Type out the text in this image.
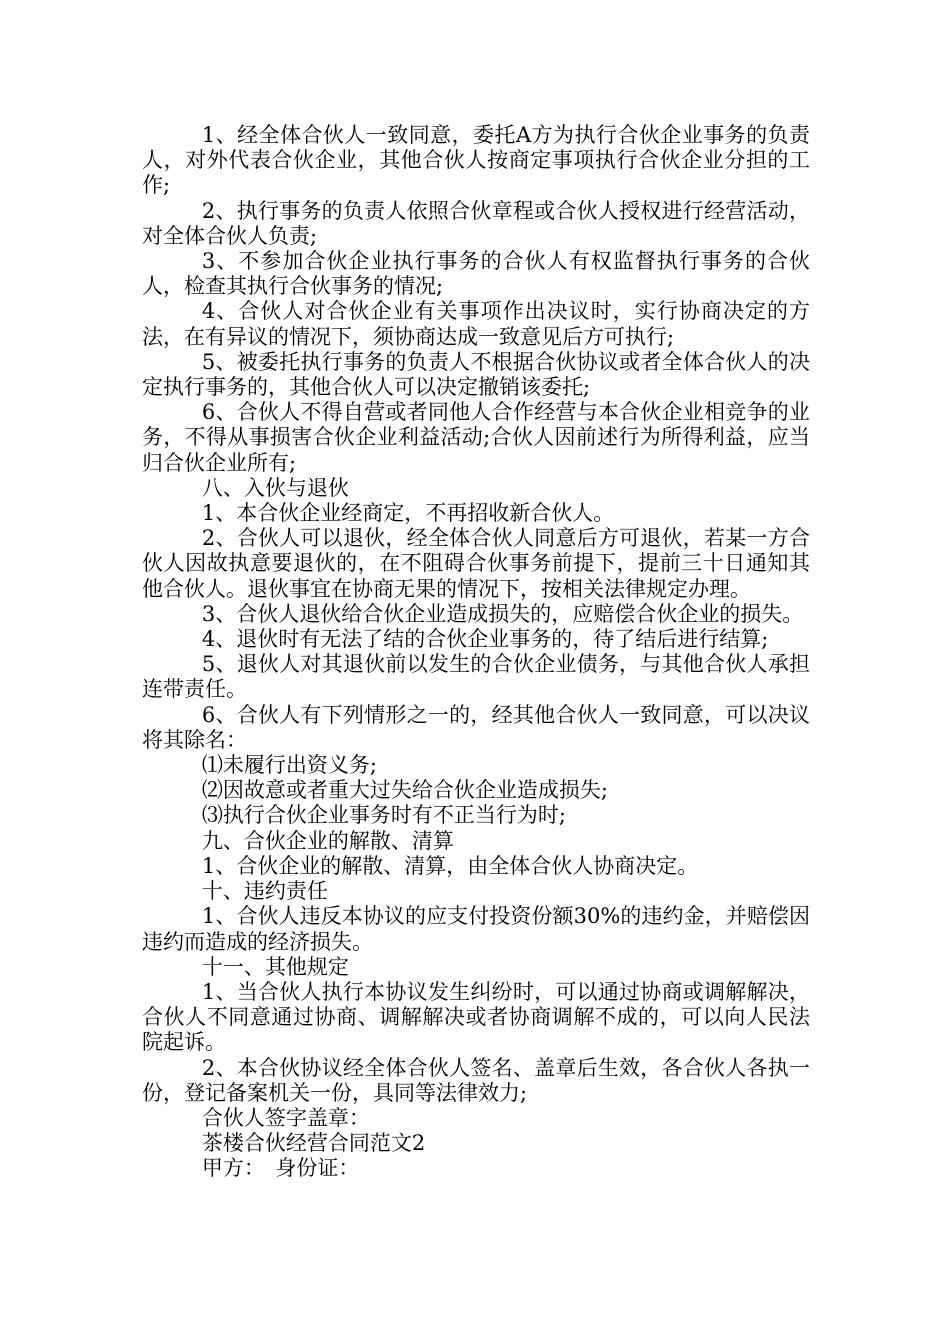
1、经全体合伙人一致同意，委托A方为执行合伙企业事务的负责人，对外代表合伙企业，其他合伙人按商定事项执行合伙企业分担的工作;

2、执行事务的负责人依照合伙章程或合伙人授权进行经营活动，对全体合伙人负责;

3、不参加合伙企业执行事务的合伙人有权监督执行事务的合伙人，检查其执行合伙事务的情况;

4、合伙人对合伙企业有关事项作出决议时，实行协商决定的方法，在有异议的情况下，须协商达成一致意见后方可执行;

5、被委托执行事务的负责人不根据合伙协议或者全体合伙人的决定执行事务的，其他合伙人可以决定撤销该委托;

6、合伙人不得自营或者同他人合作经营与本合伙企业相竞争的业务，不得从事损害合伙企业利益活动;合伙人因前述行为所得利益，应当归合伙企业所有;

八、入伙与退伙

1、本合伙企业经商定，不再招收新合伙人。

2、合伙人可以退伙，经全体合伙人同意后方可退伙，若某一方合伙人因故执意要退伙的，在不阻碍合伙事务前提下，提前三十日通知其他合伙人。退伙事宜在协商无果的情况下，按相关法律规定办理。

3、合伙人退伙给合伙企业造成损失的，应赔偿合伙企业的损失。

4、退伙时有无法了结的合伙企业事务的，待了结后进行结算;

5、退伙人对其退伙前以发生的合伙企业债务，与其他合伙人承担连带责任。

6、合伙人有下列情形之一的，经其他合伙人一致同意，可以决议将其除名：

⑴未履行出资义务;

⑵因故意或者重大过失给合伙企业造成损失;

⑶执行合伙企业事务时有不正当行为时;

九、合伙企业的解散、清算

1、合伙企业的解散、清算，由全体合伙人协商决定。

十、违约责任

1、合伙人违反本协议的应支付投资份额30%的违约金，并赔偿因违约而造成的经济损失。

十一、其他规定

1、当合伙人执行本协议发生纠纷时，可以通过协商或调解解决，合伙人不同意通过协商、调解解决或者协商调解不成的，可以向人民法院起诉。

2、本合伙协议经全体合伙人签名、盖章后生效，各合伙人各执一份，登记备案机关一份，具同等法律效力;

合伙人签字盖章：

茶楼合伙经营合同范文2

甲方：　身份证：
